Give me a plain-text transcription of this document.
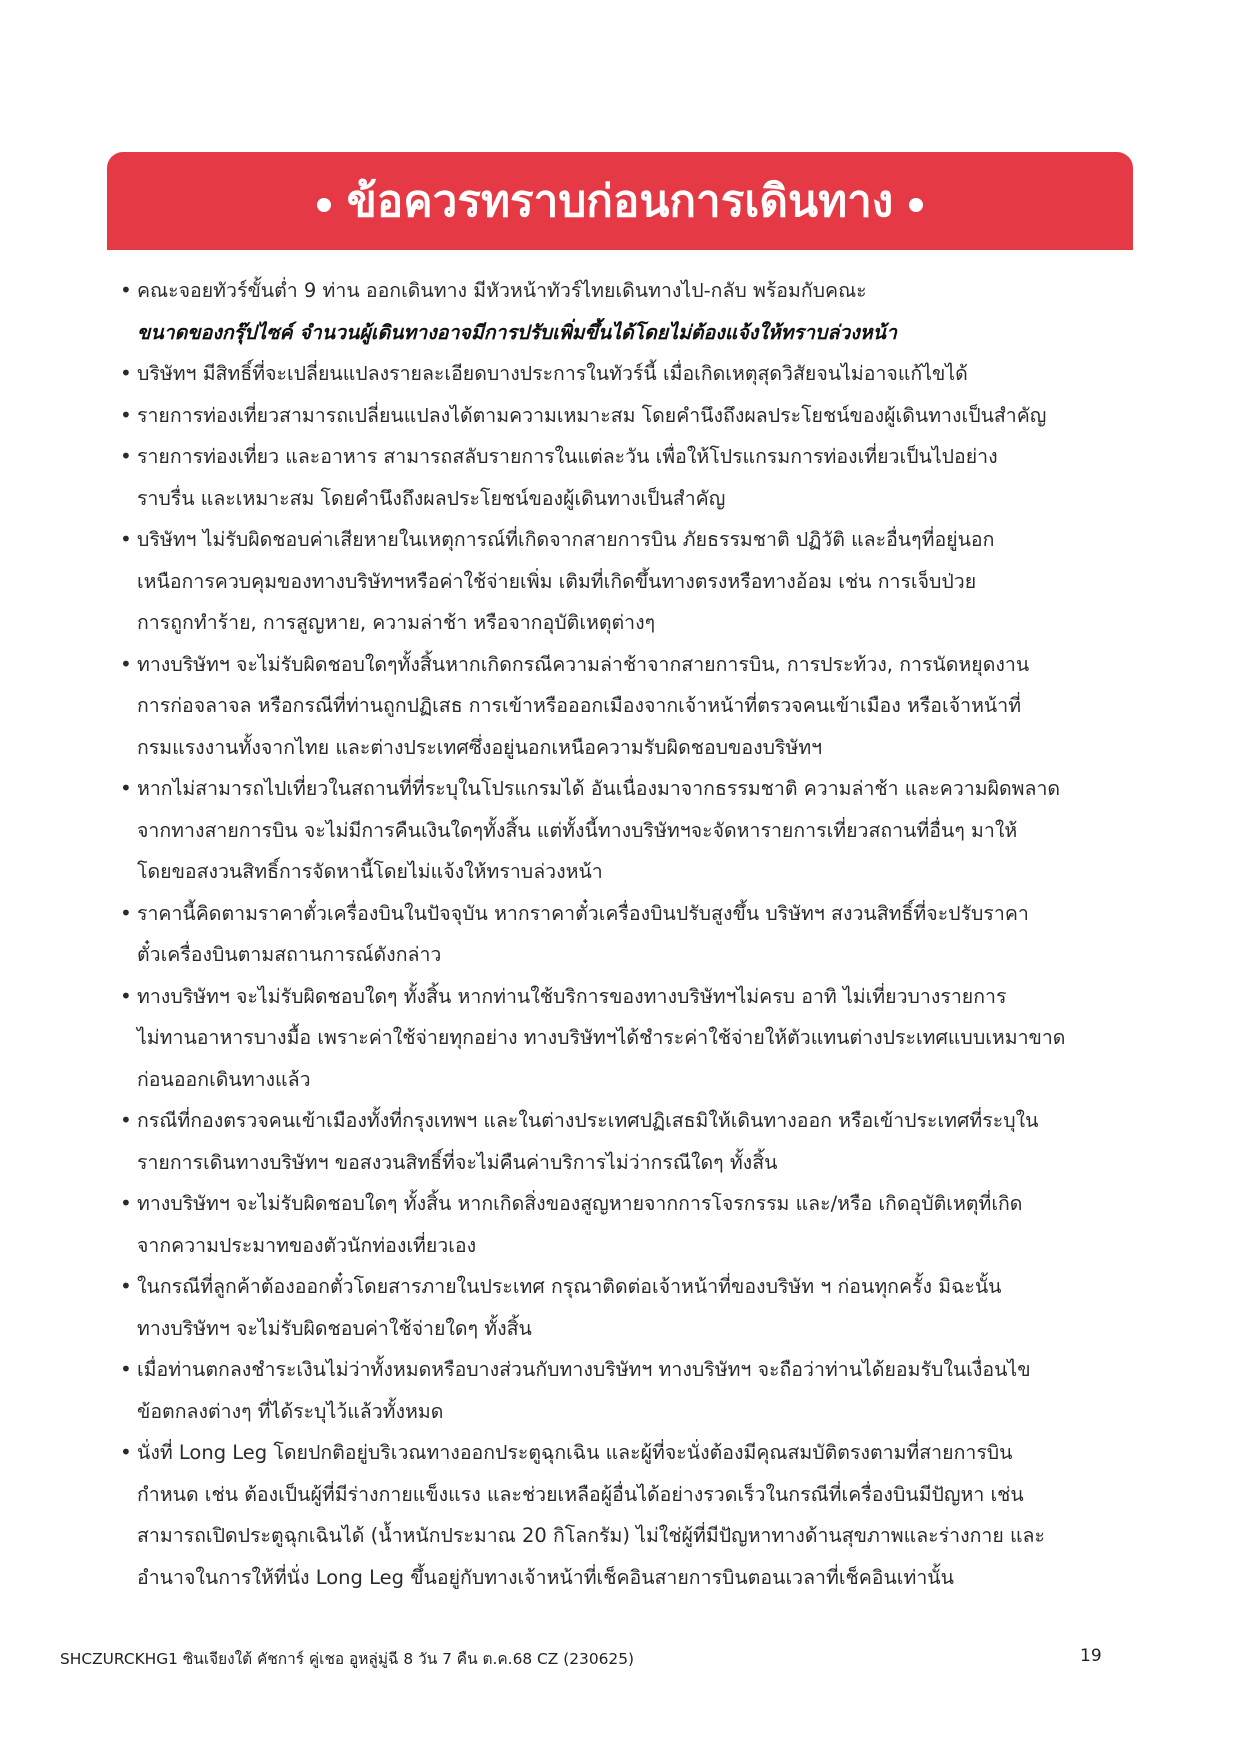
ข้อควรทราบก่อนการเดินทาง
• คณะจอยทัวร์ขั้นต่ำ 9 ท่าน ออกเดินทาง มีหัวหน้าทัวร์ไทยเดินทางไป-กลับ พร้อมกับคณะ
ขนาดของกรุ๊ปไซค์ จำนวนผู้เดินทางอาจมีการปรับเพิ่มขึ้นได้โดยไม่ต้องแจ้งให้ทราบล่วงหน้า
• บริษัทฯ มีสิทธิ์ที่จะเปลี่ยนแปลงรายละเอียดบางประการในทัวร์นี้ เมื่อเกิดเหตุสุดวิสัยจนไม่อาจแก้ไขได้
• รายการท่องเที่ยวสามารถเปลี่ยนแปลงได้ตามความเหมาะสม โดยคำนึงถึงผลประโยชน์ของผู้เดินทางเป็นสำคัญ
• รายการท่องเที่ยว และอาหาร สามารถสลับรายการในแต่ละวัน เพื่อให้โปรแกรมการท่องเที่ยวเป็นไปอย่าง
ราบรื่น และเหมาะสม โดยคำนึงถึงผลประโยชน์ของผู้เดินทางเป็นสำคัญ
• บริษัทฯ ไม่รับผิดชอบค่าเสียหายในเหตุการณ์ที่เกิดจากสายการบิน ภัยธรรมชาติ ปฏิวัติ และอื่นๆที่อยู่นอก
เหนือการควบคุมของทางบริษัทฯหรือค่าใช้จ่ายเพิ่ม เติมที่เกิดขึ้นทางตรงหรือทางอ้อม เช่น การเจ็บป่วย
การถูกทำร้าย, การสูญหาย, ความล่าช้า หรือจากอุบัติเหตุต่างๆ
• ทางบริษัทฯ จะไม่รับผิดชอบใดๆทั้งสิ้นหากเกิดกรณีความล่าช้าจากสายการบิน, การประท้วง, การนัดหยุดงาน
การก่อจลาจล หรือกรณีที่ท่านถูกปฏิเสธ การเข้าหรือออกเมืองจากเจ้าหน้าที่ตรวจคนเข้าเมือง หรือเจ้าหน้าที่
กรมแรงงานทั้งจากไทย และต่างประเทศซึ่งอยู่นอกเหนือความรับผิดชอบของบริษัทฯ
• หากไม่สามารถไปเที่ยวในสถานที่ที่ระบุในโปรแกรมได้ อันเนื่องมาจากธรรมชาติ ความล่าช้า และความผิดพลาด
จากทางสายการบิน จะไม่มีการคืนเงินใดๆทั้งสิ้น แต่ทั้งนี้ทางบริษัทฯจะจัดหารายการเที่ยวสถานที่อื่นๆ มาให้
โดยขอสงวนสิทธิ์การจัดหานี้โดยไม่แจ้งให้ทราบล่วงหน้า
• ราคานี้คิดตามราคาตั๋วเครื่องบินในปัจจุบัน หากราคาตั๋วเครื่องบินปรับสูงขึ้น บริษัทฯ สงวนสิทธิ์ที่จะปรับราคา
ตั๋วเครื่องบินตามสถานการณ์ดังกล่าว
• ทางบริษัทฯ จะไม่รับผิดชอบใดๆ ทั้งสิ้น หากท่านใช้บริการของทางบริษัทฯไม่ครบ อาทิ ไม่เที่ยวบางรายการ
ไม่ทานอาหารบางมื้อ เพราะค่าใช้จ่ายทุกอย่าง ทางบริษัทฯได้ชำระค่าใช้จ่ายให้ตัวแทนต่างประเทศแบบเหมาขาด
ก่อนออกเดินทางแล้ว
• กรณีที่กองตรวจคนเข้าเมืองทั้งที่กรุงเทพฯ และในต่างประเทศปฏิเสธมิให้เดินทางออก หรือเข้าประเทศที่ระบุใน
รายการเดินทางบริษัทฯ ขอสงวนสิทธิ์ที่จะไม่คืนค่าบริการไม่ว่ากรณีใดๆ ทั้งสิ้น
• ทางบริษัทฯ จะไม่รับผิดชอบใดๆ ทั้งสิ้น หากเกิดสิ่งของสูญหายจากการโจรกรรม และ/หรือ เกิดอุบัติเหตุที่เกิด
จากความประมาทของตัวนักท่องเที่ยวเอง
• ในกรณีที่ลูกค้าต้องออกตั๋วโดยสารภายในประเทศ กรุณาติดต่อเจ้าหน้าที่ของบริษัท ฯ ก่อนทุกครั้ง มิฉะนั้น
ทางบริษัทฯ จะไม่รับผิดชอบค่าใช้จ่ายใดๆ ทั้งสิ้น
• เมื่อท่านตกลงชำระเงินไม่ว่าทั้งหมดหรือบางส่วนกับทางบริษัทฯ ทางบริษัทฯ จะถือว่าท่านได้ยอมรับในเงื่อนไข
ข้อตกลงต่างๆ ที่ได้ระบุไว้แล้วทั้งหมด
• นั่งที่ Long Leg โดยปกติอยู่บริเวณทางออกประตูฉุกเฉิน และผู้ที่จะนั่งต้องมีคุณสมบัติตรงตามที่สายการบิน
กำหนด เช่น ต้องเป็นผู้ที่มีร่างกายแข็งแรง และช่วยเหลือผู้อื่นได้อย่างรวดเร็วในกรณีที่เครื่องบินมีปัญหา เช่น
สามารถเปิดประตูฉุกเฉินได้ (น้ำหนักประมาณ 20 กิโลกรัม) ไม่ใช่ผู้ที่มีปัญหาทางด้านสุขภาพและร่างกาย และ
อำนาจในการให้ที่นั่ง Long Leg ขึ้นอยู่กับทางเจ้าหน้าที่เช็คอินสายการบินตอนเวลาที่เช็คอินเท่านั้น
SHCZURCKHG1 ซินเจียงใต้ คัชการ์ คู่เชอ อูหลู่มู่ฉี 8 วัน 7 คืน ต.ค.68 CZ (230625)	19
